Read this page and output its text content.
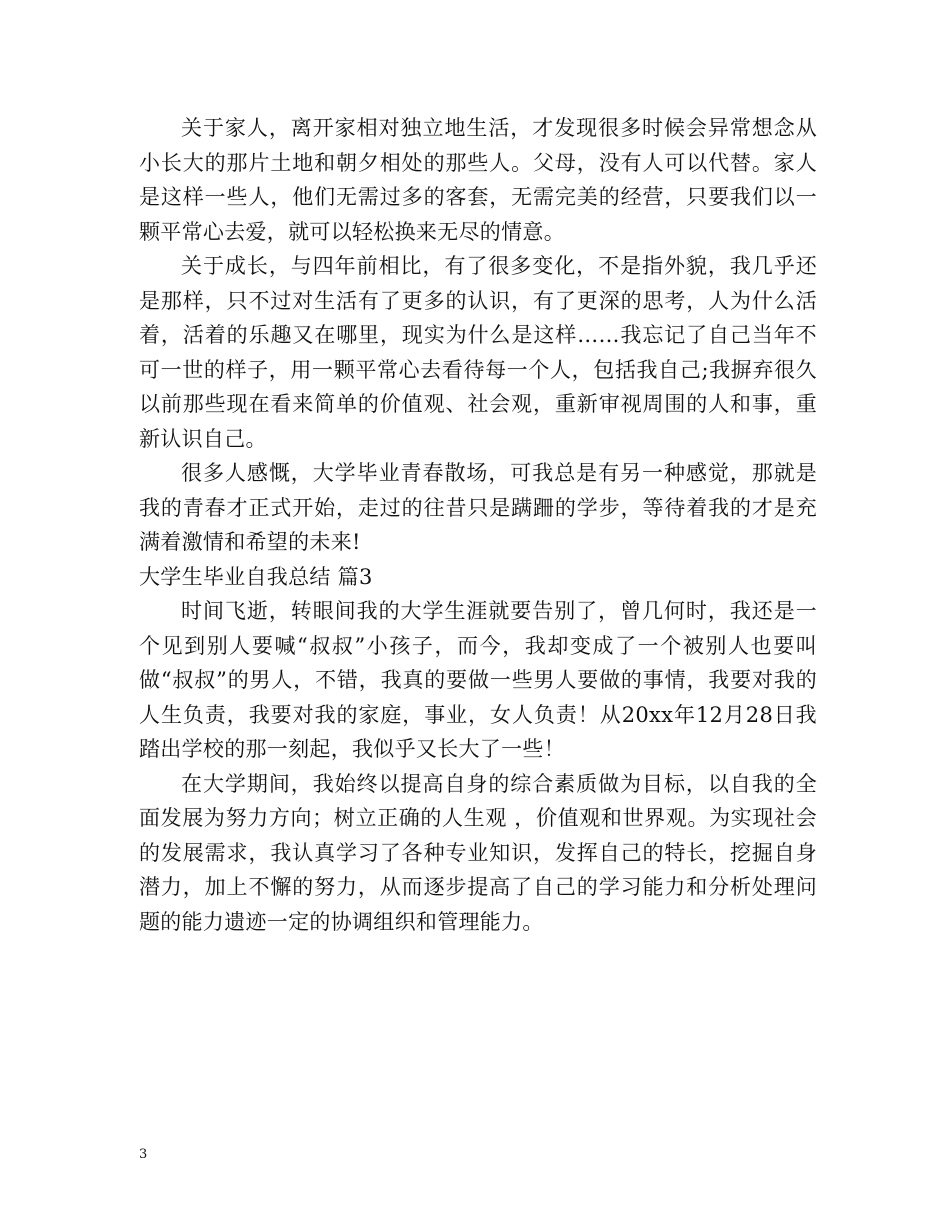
关于家人，离开家相对独立地生活，才发现很多时候会异常想念从小长大的那片土地和朝夕相处的那些人。父母，没有人可以代替。家人是这样一些人，他们无需过多的客套，无需完美的经营，只要我们以一颗平常心去爱，就可以轻松换来无尽的情意。

关于成长，与四年前相比，有了很多变化，不是指外貌，我几乎还是那样，只不过对生活有了更多的认识，有了更深的思考，人为什么活着，活着的乐趣又在哪里，现实为什么是这样……我忘记了自己当年不可一世的样子，用一颗平常心去看待每一个人，包括我自己;我摒弃很久以前那些现在看来简单的价值观、社会观，重新审视周围的人和事，重新认识自己。

很多人感慨，大学毕业青春散场，可我总是有另一种感觉，那就是我的青春才正式开始，走过的往昔只是蹒跚的学步，等待着我的才是充满着激情和希望的未来!

大学生毕业自我总结 篇3

时间飞逝，转眼间我的大学生涯就要告别了，曾几何时，我还是一个见到别人要喊“叔叔”小孩子，而今，我却变成了一个被别人也要叫做“叔叔”的男人，不错，我真的要做一些男人要做的事情，我要对我的人生负责，我要对我的家庭，事业，女人负责！从20xx年12月28日我踏出学校的那一刻起，我似乎又长大了一些！

在大学期间，我始终以提高自身的综合素质做为目标，以自我的全面发展为努力方向；树立正确的人生观 ，价值观和世界观。为实现社会的发展需求，我认真学习了各种专业知识，发挥自己的特长，挖掘自身潜力，加上不懈的努力，从而逐步提高了自己的学习能力和分析处理问题的能力遗迹一定的协调组织和管理能力。

3
